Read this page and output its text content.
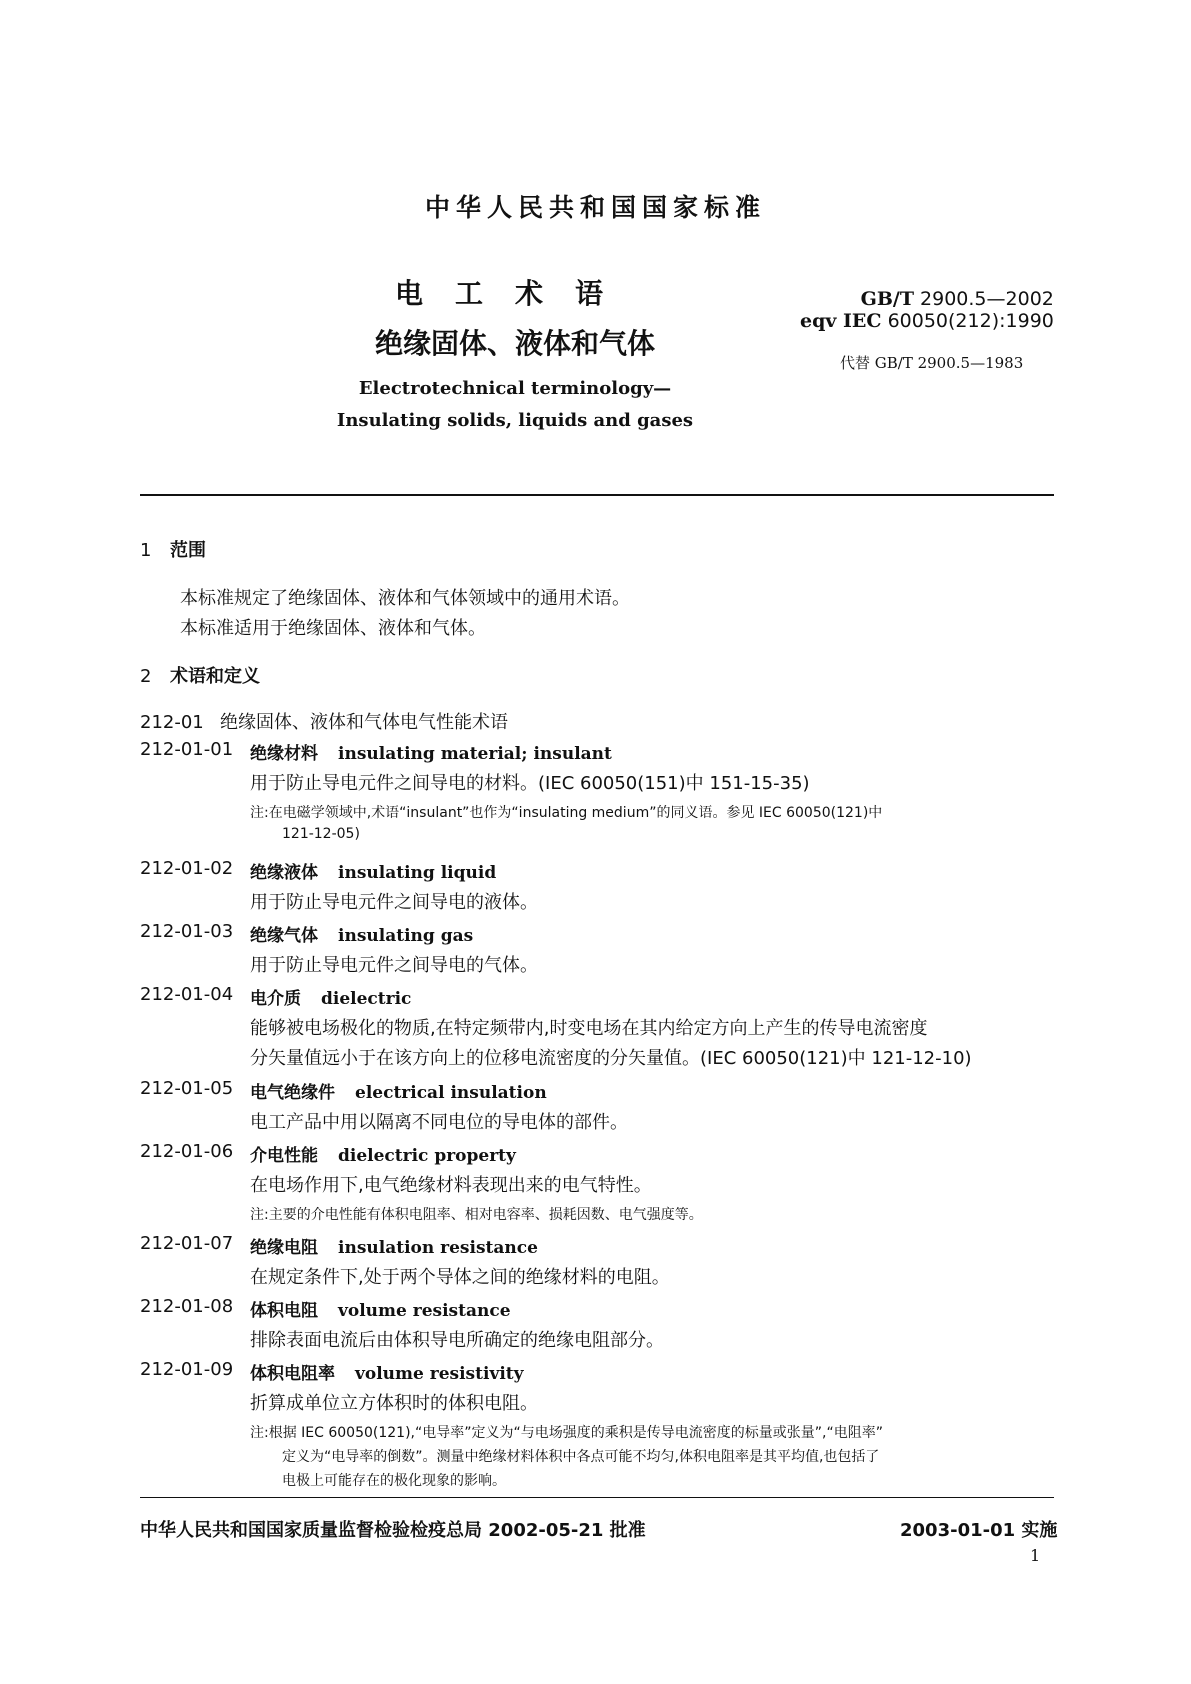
中华人民共和国国家标准
电工术语
绝缘固体、液体和气体
Electrotechnical terminology—
Insulating solids, liquids and gases
GB/T 2900.5—2002
eqv IEC 60050(212):1990
代替 GB/T 2900.5—1983
1 范围
本标准规定了绝缘固体、液体和气体领域中的通用术语。
本标准适用于绝缘固体、液体和气体。
2 术语和定义
212-01 绝缘固体、液体和气体电气性能术语
212-01-01 绝缘材料 insulating material; insulant
用于防止导电元件之间导电的材料。(IEC 60050(151)中 151-15-35)
注:在电磁学领域中,术语“insulant”也作为“insulating medium”的同义语。参见 IEC 60050(121)中
121-12-05)
212-01-02 绝缘液体 insulating liquid
用于防止导电元件之间导电的液体。
212-01-03 绝缘气体 insulating gas
用于防止导电元件之间导电的气体。
212-01-04 电介质 dielectric
能够被电场极化的物质,在特定频带内,时变电场在其内给定方向上产生的传导电流密度
分矢量值远小于在该方向上的位移电流密度的分矢量值。(IEC 60050(121)中 121-12-10)
212-01-05 电气绝缘件 electrical insulation
电工产品中用以隔离不同电位的导电体的部件。
212-01-06 介电性能 dielectric property
在电场作用下,电气绝缘材料表现出来的电气特性。
注:主要的介电性能有体积电阻率、相对电容率、损耗因数、电气强度等。
212-01-07 绝缘电阻 insulation resistance
在规定条件下,处于两个导体之间的绝缘材料的电阻。
212-01-08 体积电阻 volume resistance
排除表面电流后由体积导电所确定的绝缘电阻部分。
212-01-09 体积电阻率 volume resistivity
折算成单位立方体积时的体积电阻。
注:根据 IEC 60050(121),“电导率”定义为“与电场强度的乘积是传导电流密度的标量或张量”,“电阻率”
定义为“电导率的倒数”。测量中绝缘材料体积中各点可能不均匀,体积电阻率是其平均值,也包括了
电极上可能存在的极化现象的影响。
中华人民共和国国家质量监督检验检疫总局 2002-05-21 批准	2003-01-01 实施
1
